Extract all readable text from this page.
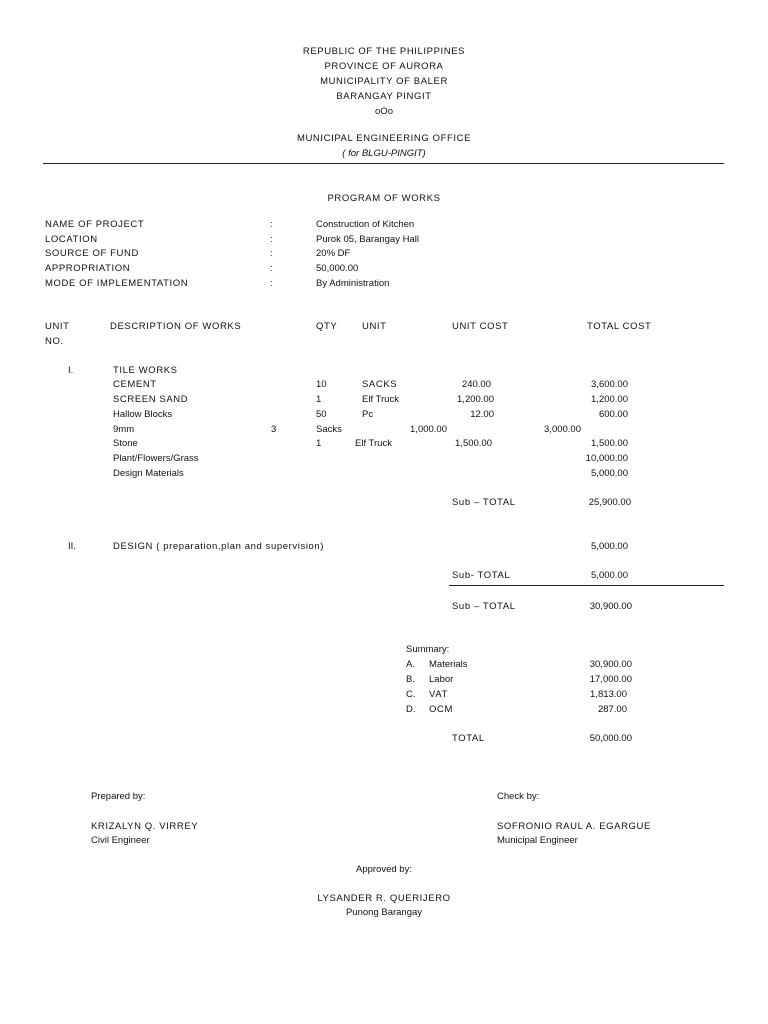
REPUBLIC OF THE PHILIPPINES
PROVINCE OF AURORA
MUNICIPALITY OF BALER
BARANGAY PINGIT
oOo
MUNICIPAL ENGINEERING OFFICE
( for BLGU-PINGIT)
PROGRAM OF WORKS
NAME OF PROJECT	:	Construction of Kitchen
LOCATION	:	Purok 05, Barangay Hall
SOURCE OF FUND	:	20% DF
APPROPRIATION	:	50,000.00
MODE OF IMPLEMENTATION	:	By Administration
UNIT
NO.
DESCRIPTION OF WORKS	QTY	UNIT	UNIT COST	TOTAL COST
I.	TILE WORKS
CEMENT	10	SACKS	240.00	3,600.00
SCREEN SAND	1	Elf Truck	1,200.00	1,200.00
Hallow Blocks	50	Pc	12.00	600.00
9mm	3	Sacks	1,000.00	3,000.00
Stone	1	Elf Truck	1,500.00	1,500.00
Plant/Flowers/Grass	10,000.00
Design Materials	5,000.00
Sub – TOTAL	25,900.00
II.	DESIGN ( preparation,plan and supervision)	5,000.00
Sub- TOTAL	5,000.00
Sub – TOTAL	30,900.00
Summary:
A. Materials	30,900.00
B. Labor	17,000.00
C. VAT	1,813.00
D. OCM	287.00
TOTAL	50,000.00
Prepared by:
KRIZALYN Q. VIRREY
Civil Engineer
Check by:
SOFRONIO RAUL A. EGARGUE
Municipal Engineer
Approved by:
LYSANDER R. QUERIJERO
Punong Barangay
